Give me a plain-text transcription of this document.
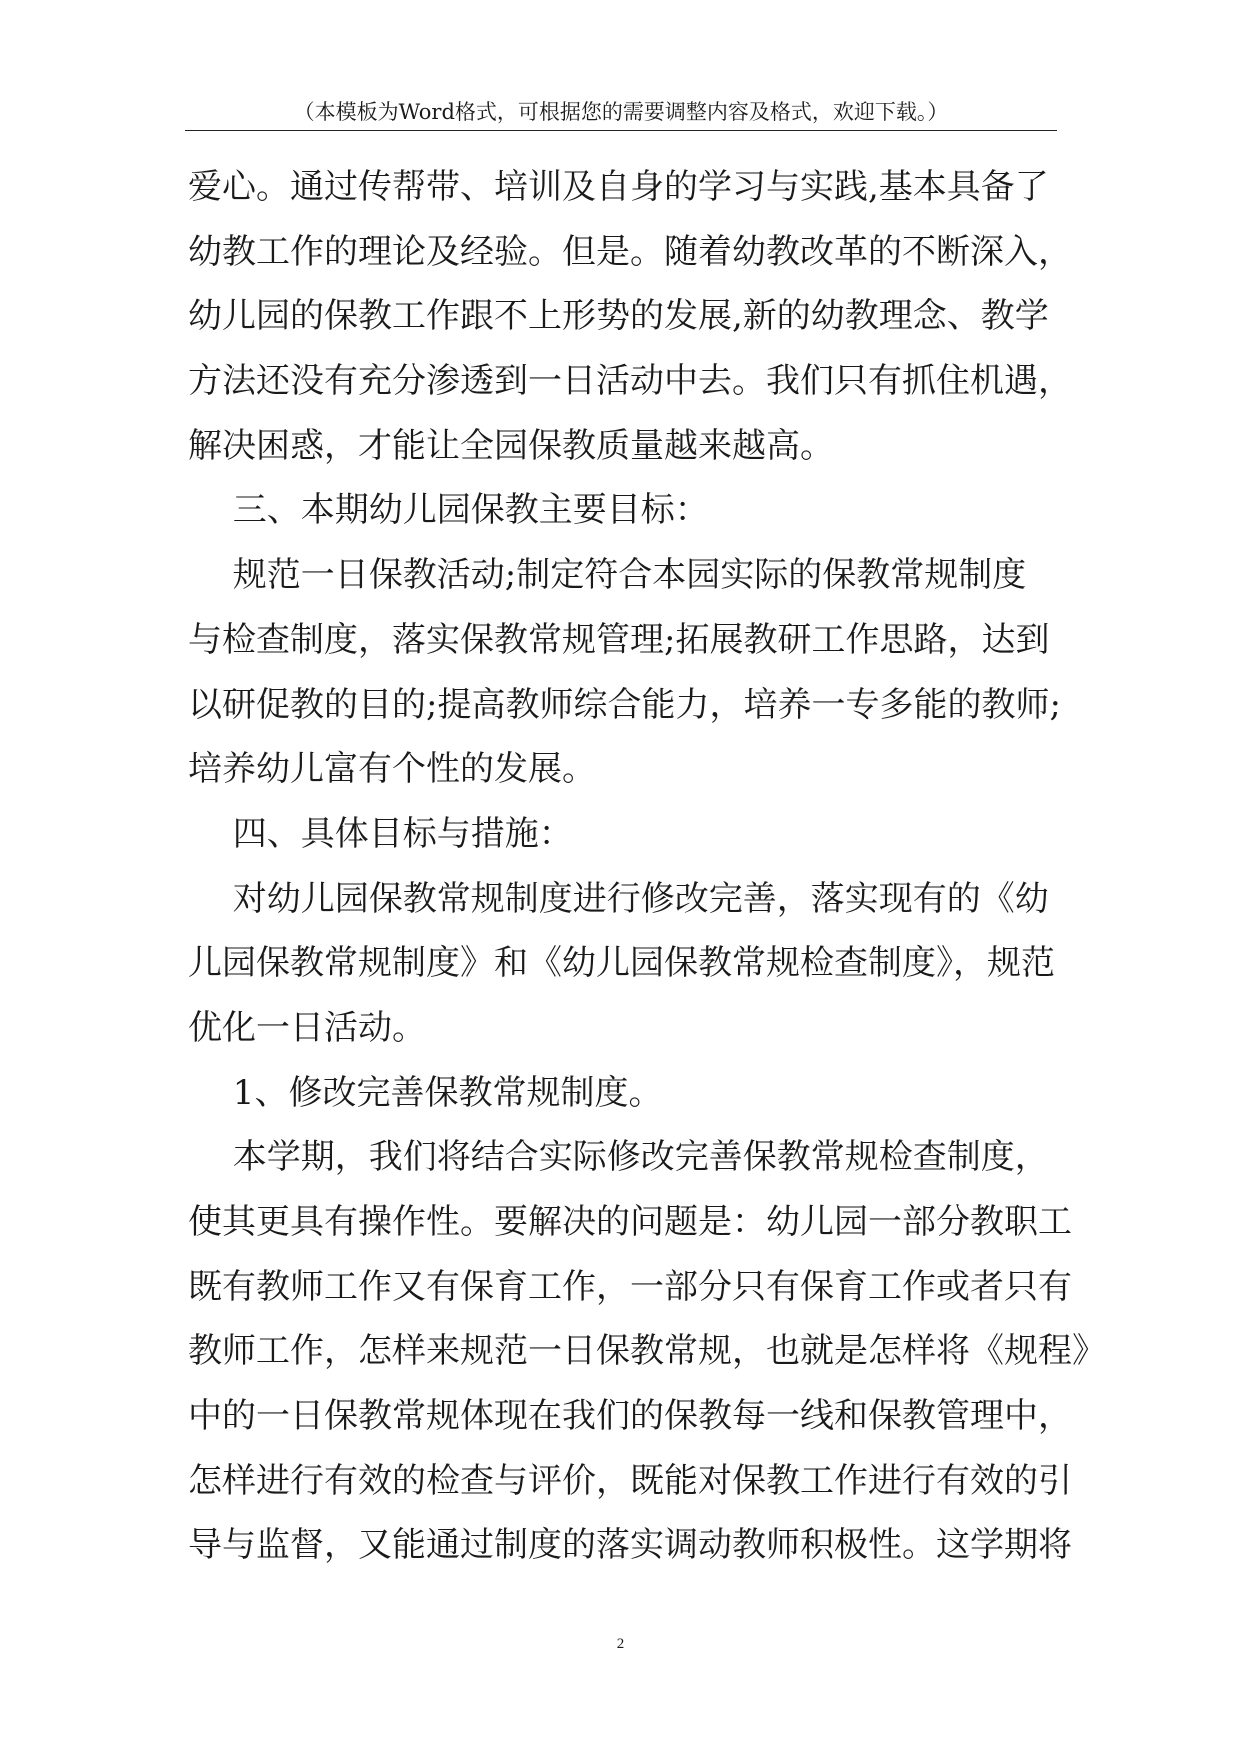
（本模板为Word格式，可根据您的需要调整内容及格式，欢迎下载。）
爱心。通过传帮带、培训及自身的学习与实践,基本具备了
幼教工作的理论及经验。但是。随着幼教改革的不断深入，
幼儿园的保教工作跟不上形势的发展,新的幼教理念、教学
方法还没有充分渗透到一日活动中去。我们只有抓住机遇，
解决困惑，才能让全园保教质量越来越高。
　 三、本期幼儿园保教主要目标：
　 规范一日保教活动;制定符合本园实际的保教常规制度
与检查制度，落实保教常规管理;拓展教研工作思路，达到
以研促教的目的;提高教师综合能力，培养一专多能的教师;
培养幼儿富有个性的发展。
　 四、具体目标与措施：
　 对幼儿园保教常规制度进行修改完善，落实现有的《幼
儿园保教常规制度》和《幼儿园保教常规检查制度》，规范
优化一日活动。
　 1、修改完善保教常规制度。
　 本学期，我们将结合实际修改完善保教常规检查制度，
使其更具有操作性。要解决的问题是：幼儿园一部分教职工
既有教师工作又有保育工作，一部分只有保育工作或者只有
教师工作，怎样来规范一日保教常规，也就是怎样将《规程》
中的一日保教常规体现在我们的保教每一线和保教管理中，
怎样进行有效的检查与评价，既能对保教工作进行有效的引
导与监督，又能通过制度的落实调动教师积极性。这学期将
2
